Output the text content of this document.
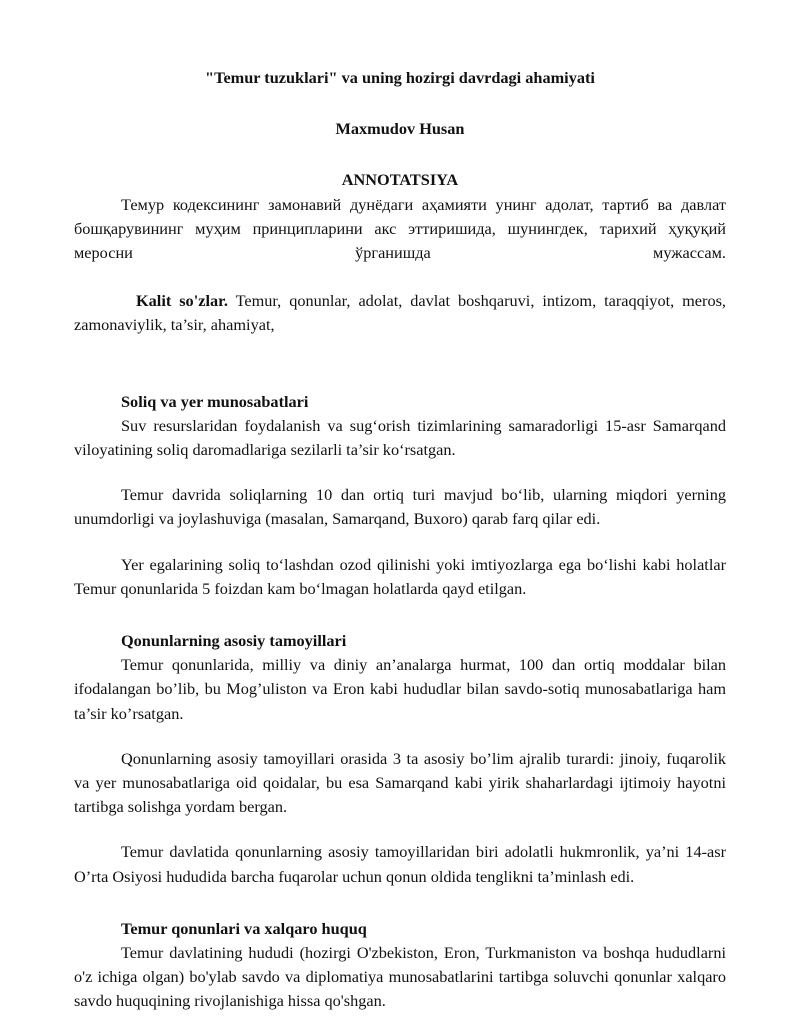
"Temur tuzuklari" va uning hozirgi davrdagi ahamiyati
Maxmudov Husan
ANNOTATSIYA

Темур кодексининг замонавий дунёдаги аҳамияти унинг адолат, тартиб ва давлат бошқарувининг муҳим принципларини акс эттиришида, шунингдек, тарихий ҳуқуқий меросни ўрганишда мужассам.

Kalit so'zlar. Temur, qonunlar, adolat, davlat boshqaruvi, intizom, taraqqiyot, meros, zamonaviylik, ta’sir, ahamiyat,

Soliq va yer munosabatlari

Suv resurslaridan foydalanish va sug‘orish tizimlarining samaradorligi 15-asr Samarqand viloyatining soliq daromadlariga sezilarli ta’sir ko‘rsatgan.

Temur davrida soliqlarning 10 dan ortiq turi mavjud bo‘lib, ularning miqdori yerning unumdorligi va joylashuviga (masalan, Samarqand, Buxoro) qarab farq qilar edi.

Yer egalarining soliq to‘lashdan ozod qilinishi yoki imtiyozlarga ega bo‘lishi kabi holatlar Temur qonunlarida 5 foizdan kam bo‘lmagan holatlarda qayd etilgan.

Qonunlarning asosiy tamoyillari

Temur qonunlarida, milliy va diniy an’analarga hurmat, 100 dan ortiq moddalar bilan ifodalangan bo’lib, bu Mog’uliston va Eron kabi hududlar bilan savdo-sotiq munosabatlariga ham ta’sir ko’rsatgan.

Qonunlarning asosiy tamoyillari orasida 3 ta asosiy bo’lim ajralib turardi: jinoiy, fuqarolik va yer munosabatlariga oid qoidalar, bu esa Samarqand kabi yirik shaharlardagi ijtimoiy hayotni tartibga solishga yordam bergan.

Temur davlatida qonunlarning asosiy tamoyillaridan biri adolatli hukmronlik, ya’ni 14-asr O’rta Osiyosi hududida barcha fuqarolar uchun qonun oldida tenglikni ta’minlash edi.

Temur qonunlari va xalqaro huquq

Temur davlatining hududi (hozirgi O'zbekiston, Eron, Turkmaniston va boshqa hududlarni o'z ichiga olgan) bo'ylab savdo va diplomatiya munosabatlarini tartibga soluvchi qonunlar xalqaro savdo huquqining rivojlanishiga hissa qo'shgan.
